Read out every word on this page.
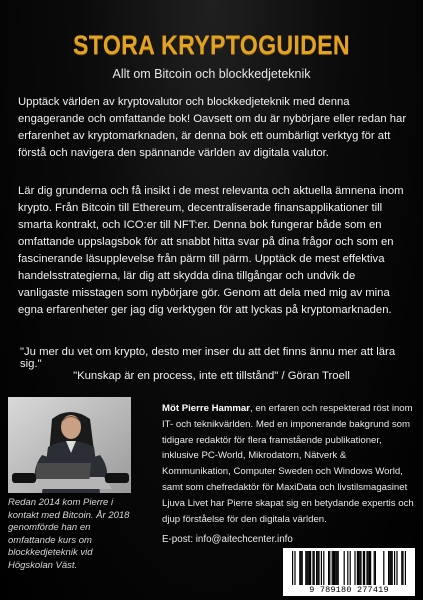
STORA KRYPTOGUIDEN
Allt om Bitcoin och blockkedjeteknik
Upptäck världen av kryptovalutor och blockkedjeteknik med denna engagerande och omfattande bok! Oavsett om du är nybörjare eller redan har erfarenhet av kryptomarknaden, är denna bok ett oumbärligt verktyg för att förstå och navigera den spännande världen av digitala valutor.
Lär dig grunderna och få insikt i de mest relevanta och aktuella ämnena inom krypto. Från Bitcoin till Ethereum, decentraliserade finansapplikationer till smarta kontrakt, och ICO:er till NFT:er. Denna bok fungerar både som en omfattande uppslagsbok för att snabbt hitta svar på dina frågor och som en fascinerande läsupplevelse från pärm till pärm. Upptäck de mest effektiva handelsstrategierna, lär dig att skydda dina tillgångar och undvik de vanligaste misstagen som nybörjare gör. Genom att dela med mig av mina egna erfarenheter ger jag dig verktygen för att lyckas på kryptomarknaden.
"Ju mer du vet om krypto, desto mer inser du att det finns ännu mer att lära sig."
"Kunskap är en process, inte ett tillstånd" / Göran Troell
Redan 2014 kom Pierre i kontakt med Bitcoin. År 2018 genomförde han en omfattande kurs om blockkedjeteknik vid Högskolan Väst.
Möt Pierre Hammar, en erfaren och respekterad röst inom IT- och teknikvärlden. Med en imponerande bakgrund som tidigare redaktör för flera framstående publikationer, inklusive PC-World, Mikrodatorn, Nätverk & Kommunikation, Computer Sweden och Windows World, samt som chefredaktör för MaxiData och livstilsmagasinet Ljuva Livet har Pierre skapat sig en betydande expertis och djup förståelse för den digitala världen.
E-post: info@aitechcenter.info
9 789180 277419
